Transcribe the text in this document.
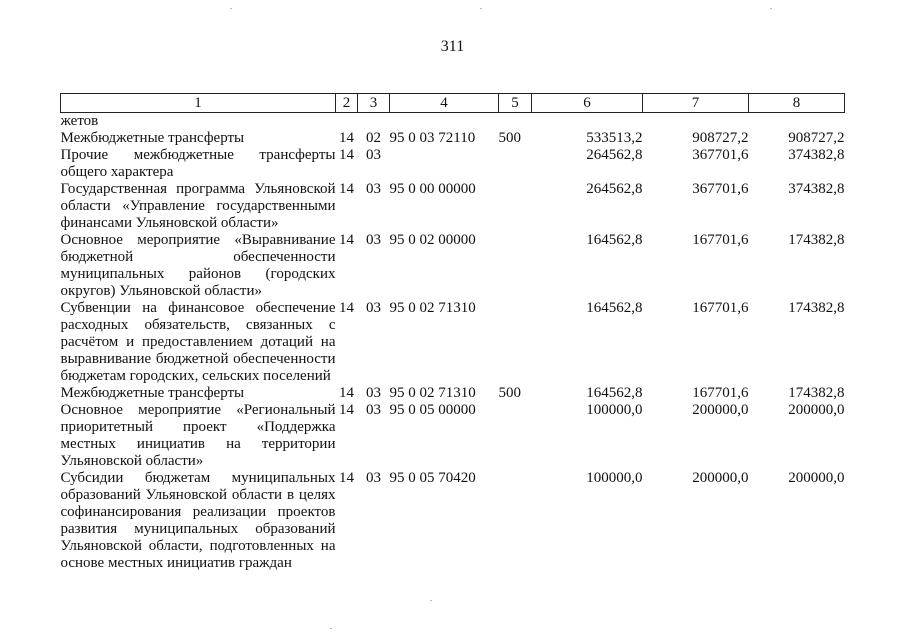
311
1	2	3	4	5	6	7	8
жетов							
Межбюджетные трансферты	14	02	95 0 03 72110	500	533513,2	908727,2	908727,2
Прочие межбюджетные трансферты общего характера	14	03			264562,8	367701,6	374382,8
Государственная программа Ульяновской области «Управление государственными финансами Ульяновской области»	14	03	95 0 00 00000		264562,8	367701,6	374382,8
Основное мероприятие «Выравнивание бюджетной обеспеченности муниципальных районов (городских округов) Ульяновской области»	14	03	95 0 02 00000		164562,8	167701,6	174382,8
Субвенции на финансовое обеспечение расходных обязательств, связанных с расчётом и предоставлением дотаций на выравнивание бюджетной обеспеченности бюджетам городских, сельских поселений	14	03	95 0 02 71310		164562,8	167701,6	174382,8
Межбюджетные трансферты	14	03	95 0 02 71310	500	164562,8	167701,6	174382,8
Основное мероприятие «Региональный приоритетный проект «Поддержка местных инициатив на территории Ульяновской области»	14	03	95 0 05 00000		100000,0	200000,0	200000,0
Субсидии бюджетам муниципальных образований Ульяновской области в целях софинансирования реализации проектов развития муниципальных образований Ульяновской области, подготовленных на основе местных инициатив граждан	14	03	95 0 05 70420		100000,0	200000,0	200000,0
